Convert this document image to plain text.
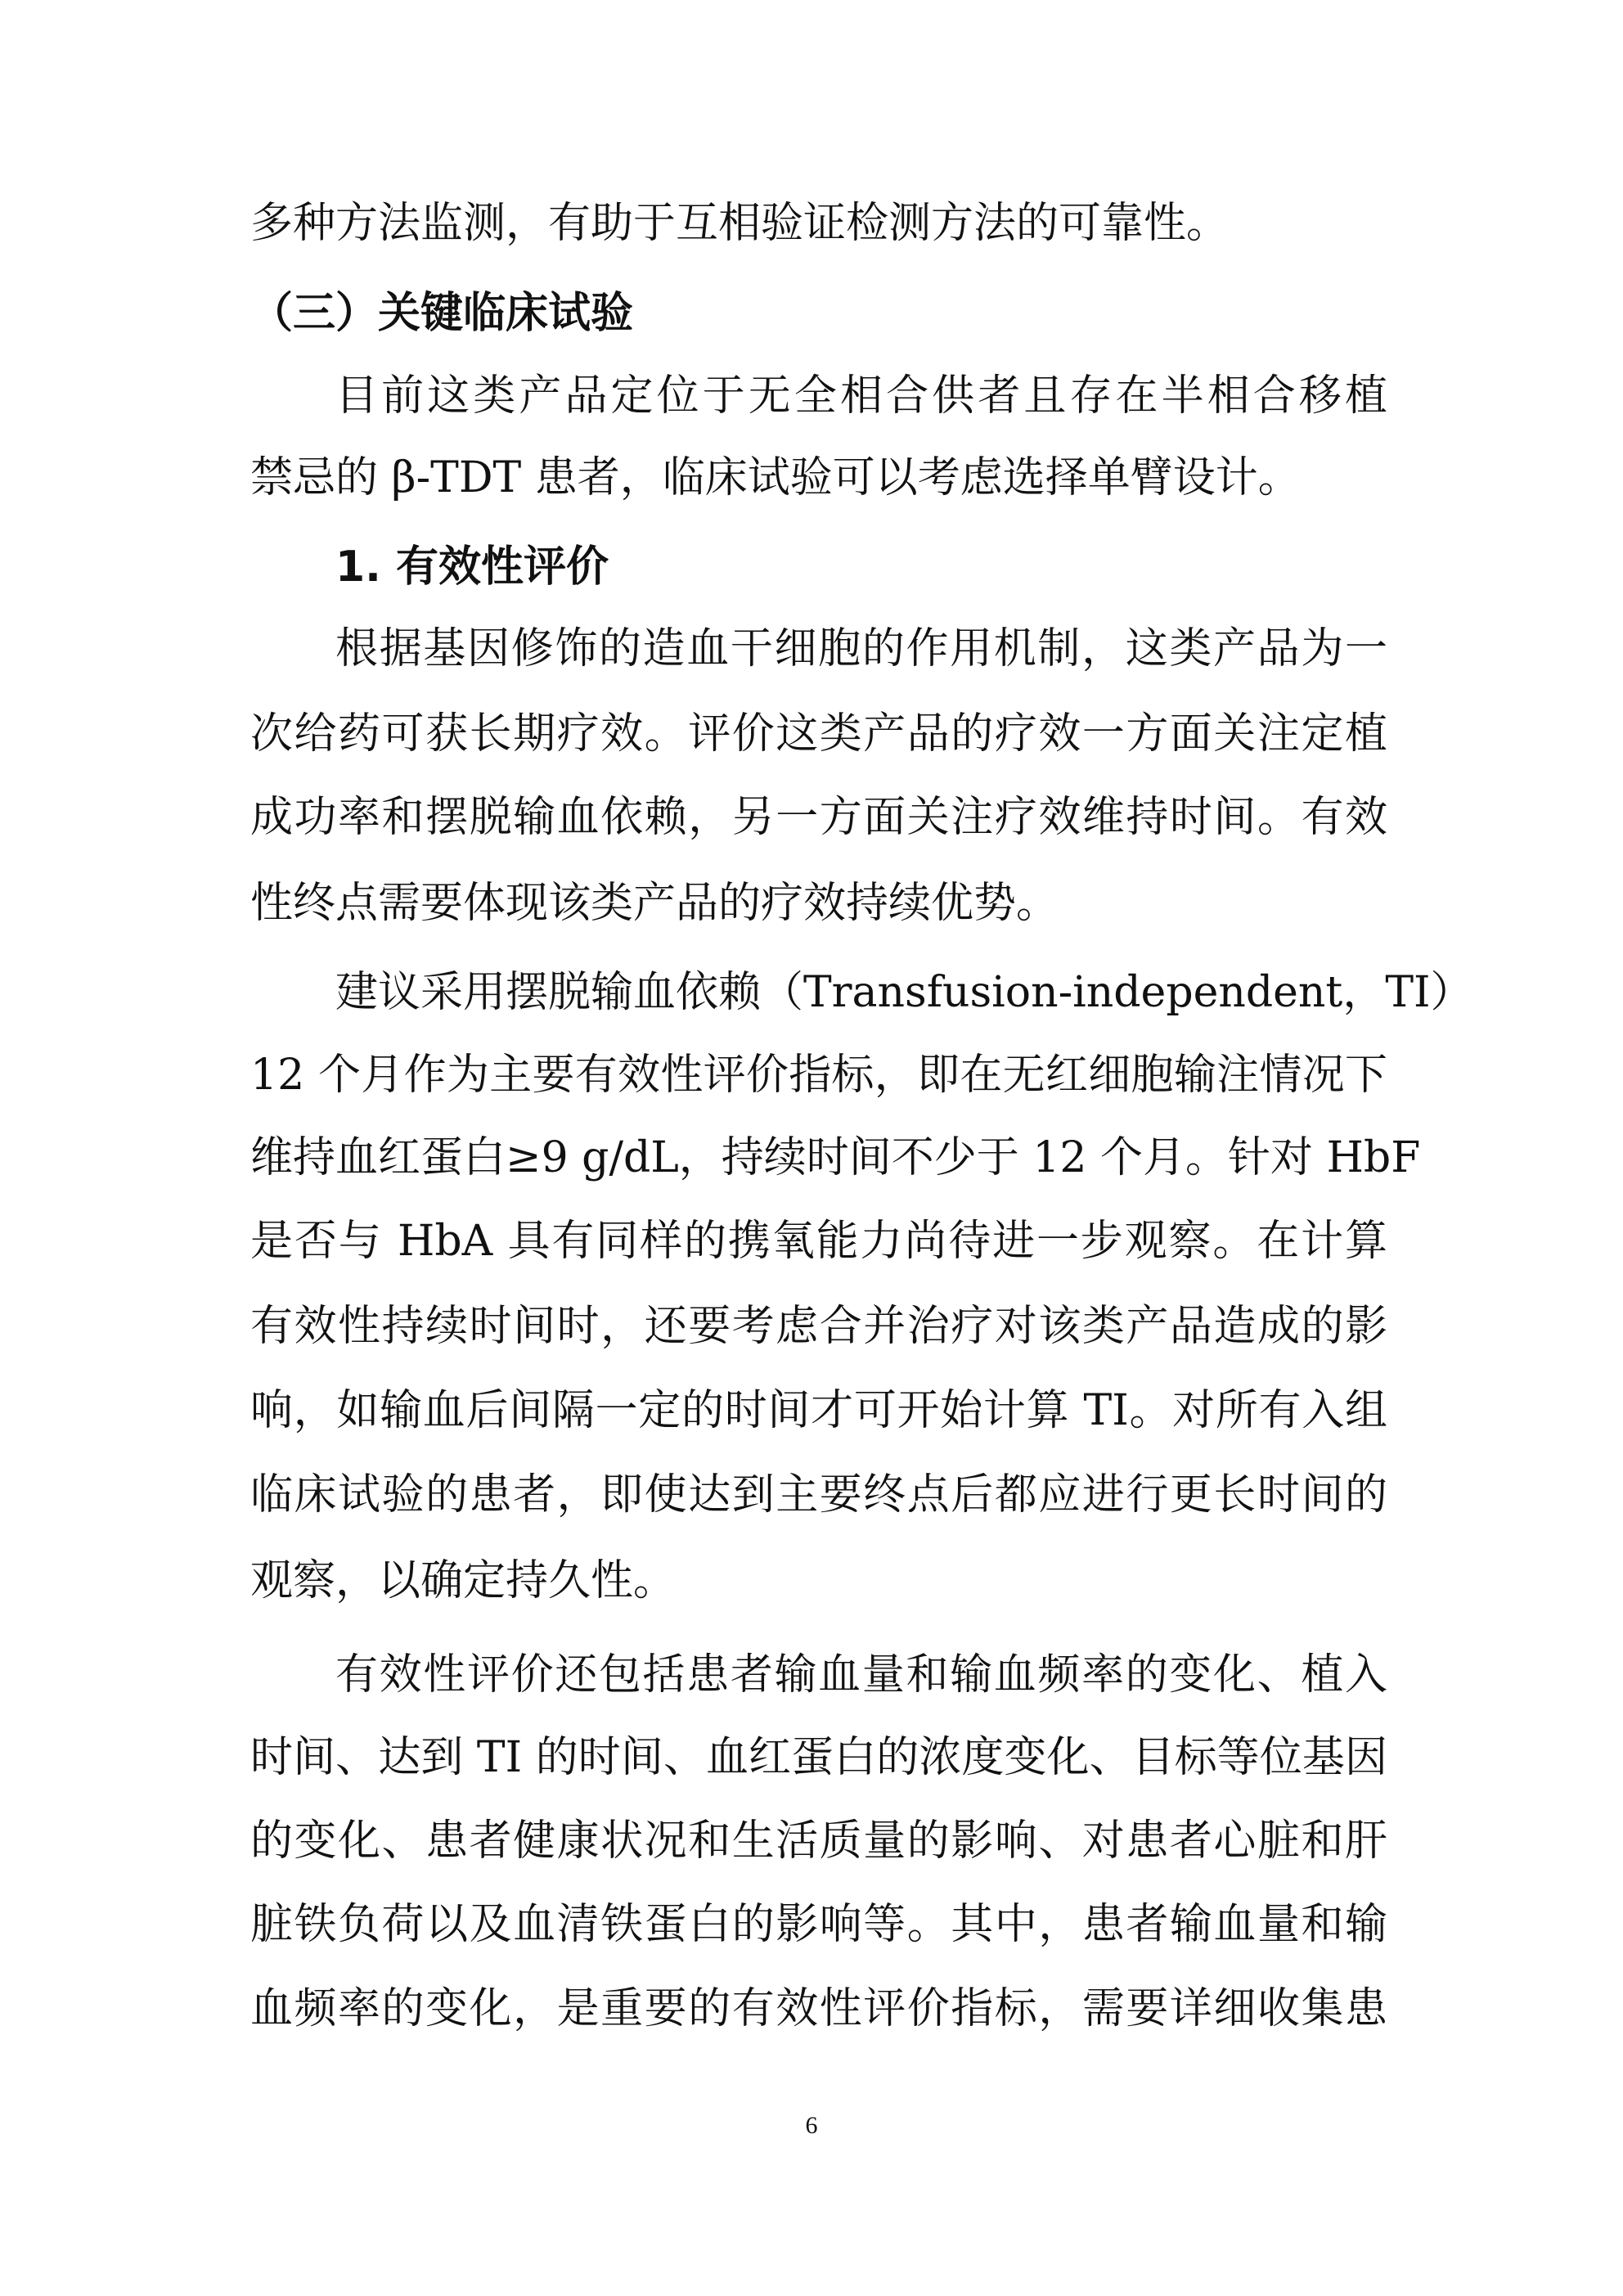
多种方法监测，有助于互相验证检测方法的可靠性。
（三）关键临床试验
目前这类产品定位于无全相合供者且存在半相合移植
禁忌的 β-TDT 患者，临床试验可以考虑选择单臂设计。
1. 有效性评价
根据基因修饰的造血干细胞的作用机制，这类产品为一
次给药可获长期疗效。评价这类产品的疗效一方面关注定植
成功率和摆脱输血依赖，另一方面关注疗效维持时间。有效
性终点需要体现该类产品的疗效持续优势。
建议采用摆脱输血依赖（Transfusion-independent，TI）
12 个月作为主要有效性评价指标，即在无红细胞输注情况下
维持血红蛋白≥9 g/dL，持续时间不少于 12 个月。针对 HbF
是否与 HbA 具有同样的携氧能力尚待进一步观察。在计算
有效性持续时间时，还要考虑合并治疗对该类产品造成的影
响，如输血后间隔一定的时间才可开始计算 TI。对所有入组
临床试验的患者，即使达到主要终点后都应进行更长时间的
观察，以确定持久性。
有效性评价还包括患者输血量和输血频率的变化、植入
时间、达到 TI 的时间、血红蛋白的浓度变化、目标等位基因
的变化、患者健康状况和生活质量的影响、对患者心脏和肝
脏铁负荷以及血清铁蛋白的影响等。其中，患者输血量和输
血频率的变化，是重要的有效性评价指标，需要详细收集患
6
